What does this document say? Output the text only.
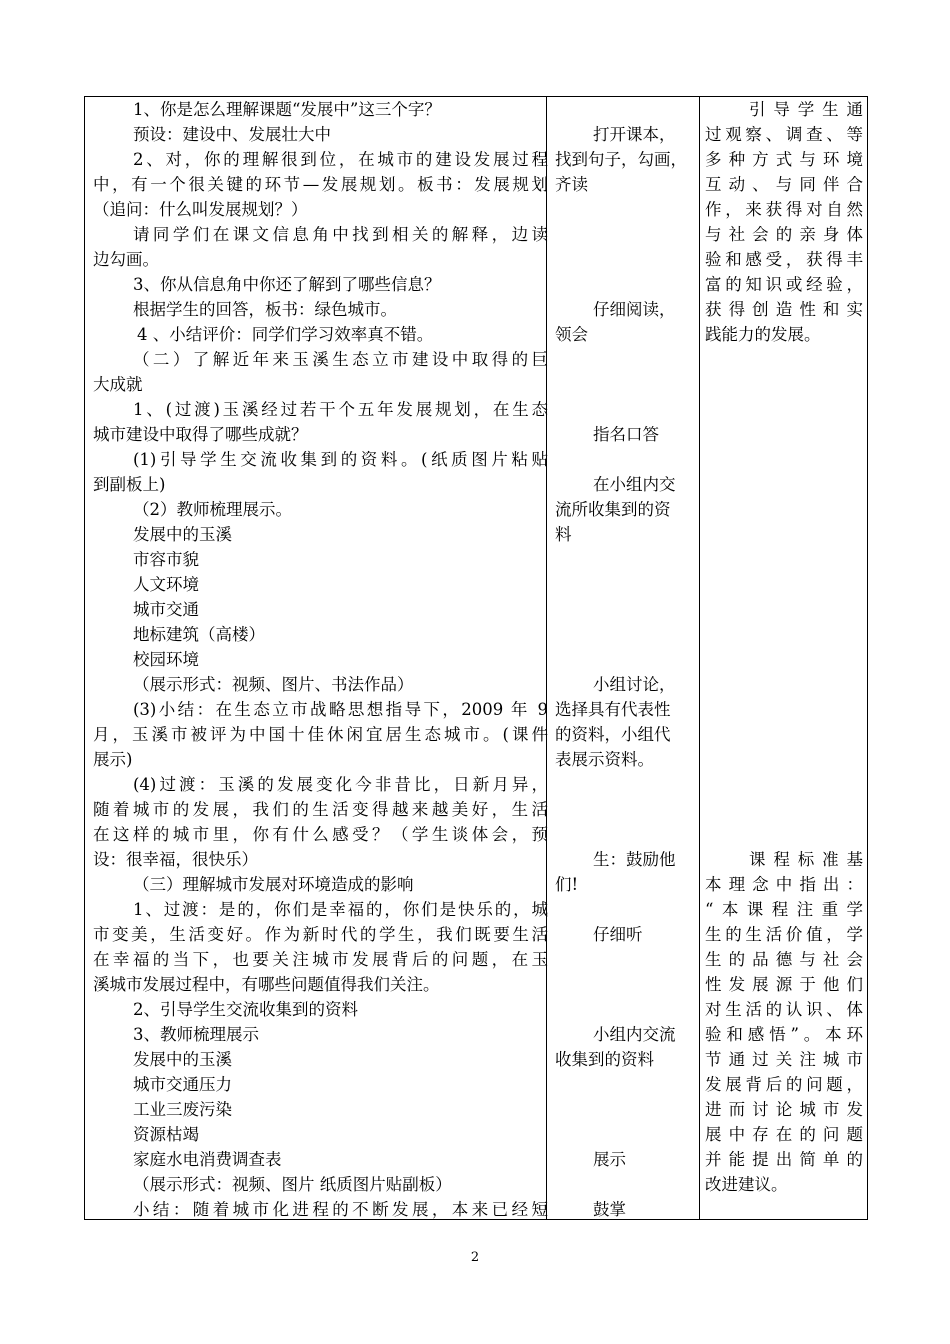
1、你是怎么理解课题“发展中”这三个字？
预设：建设中、发展壮大中
2、对，你的理解很到位，在城市的建设发展过程
中，有一个很关键的环节—发展规划。板书：发展规划
（追问：什么叫发展规划？）
请同学们在课文信息角中找到相关的解释，边读
边勾画。
3、你从信息角中你还了解到了哪些信息？
根据学生的回答，板书：绿色城市。
4 、小结评价：同学们学习效率真不错。
（二）了解近年来玉溪生态立市建设中取得的巨
大成就
1、(过渡)玉溪经过若干个五年发展规划，在生态
城市建设中取得了哪些成就？
(1)引导学生交流收集到的资料。(纸质图片粘贴
到副板上)
（2）教师梳理展示。
发展中的玉溪
市容市貌
人文环境
城市交通
地标建筑（高楼）
校园环境
（展示形式：视频、图片、书法作品）
(3)小结：在生态立市战略思想指导下，2009 年 9
月，玉溪市被评为中国十佳休闲宜居生态城市。(课件
展示)
(4)过渡：玉溪的发展变化今非昔比，日新月异，
随着城市的发展，我们的生活变得越来越美好，生活
在这样的城市里，你有什么感受？（学生谈体会，预
设：很幸福，很快乐）
（三）理解城市发展对环境造成的影响
1、过渡：是的，你们是幸福的，你们是快乐的，城
市变美，生活变好。作为新时代的学生，我们既要生活
在幸福的当下，也要关注城市发展背后的问题，在玉
溪城市发展过程中，有哪些问题值得我们关注。
2、引导学生交流收集到的资料
3、教师梳理展示
发展中的玉溪
城市交通压力
工业三废污染
资源枯竭
家庭水电消费调查表
（展示形式：视频、图片 纸质图片贴副板）
小结：随着城市化进程的不断发展，本来已经短
打开课本，
找到句子，勾画，
齐读
仔细阅读，
领会
指名口答
在小组内交
流所收集到的资
料
小组讨论，
选择具有代表性
的资料，小组代
表展示资料。
生：鼓励他
们!
仔细听
小组内交流
收集到的资料
展示
鼓掌
引导学生通
过观察、调查、等
多种方式与环境
互动、与同伴合
作，来获得对自然
与社会的亲身体
验和感受，获得丰
富的知识或经验，
获得创造性和实
践能力的发展。
课程标准基
本理念中指出：
“本课程注重学
生的生活价值，学
生的品德与社会
性发展源于他们
对生活的认识、体
验和感悟”。本环
节通过关注城市
发展背后的问题，
进而讨论城市发
展中存在的问题
并能提出简单的
改进建议。
2
